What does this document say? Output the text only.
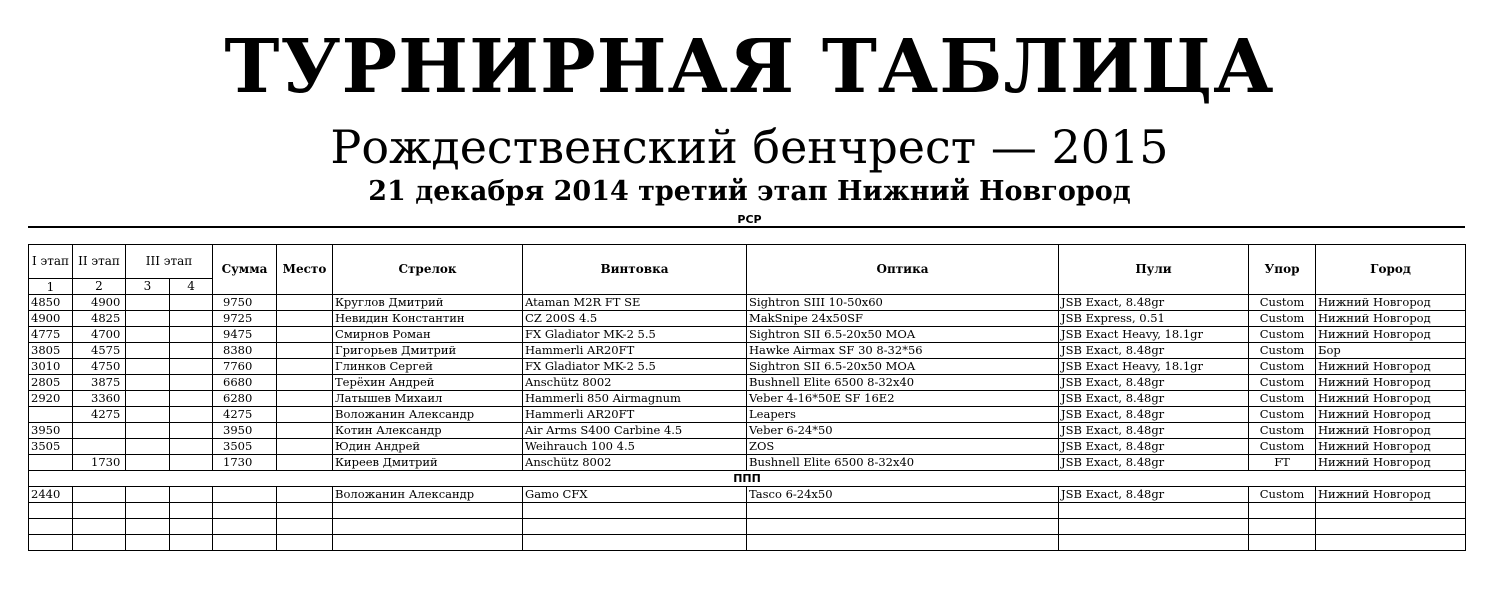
ТУРНИРНАЯ ТАБЛИЦА
Рождественский бенчрест — 2015
21 декабря 2014 третий этап Нижний Новгород
РСР
I этап	II этап	III этап		Сумма	Место	Стрелок	Винтовка	Оптика	Пули	Упор	Город
1	2	3	4								
4850	4900			9750		Круглов Дмитрий	Ataman M2R FT SE	Sightron SIII 10-50x60	JSB Exact, 8.48gr	Custom	Нижний Новгород
4900	4825			9725		Невидин Константин	CZ 200S 4.5	MakSnipe 24x50SF	JSB Express, 0.51	Custom	Нижний Новгород
4775	4700			9475		Смирнов Роман	FX Gladiator MK-2 5.5	Sightron SII 6.5-20x50 MOA	JSB Exact Heavy, 18.1gr	Custom	Нижний Новгород
3805	4575			8380		Григорьев Дмитрий	Hammerli AR20FT	Hawke Airmax SF 30 8-32*56	JSB Exact, 8.48gr	Custom	Бор
3010	4750			7760		Глинков Сергей	FX Gladiator MK-2 5.5	Sightron SII 6.5-20x50 MOA	JSB Exact Heavy, 18.1gr	Custom	Нижний Новгород
2805	3875			6680		Терёхин Андрей	Anschütz 8002	Bushnell Elite 6500 8-32x40	JSB Exact, 8.48gr	Custom	Нижний Новгород
2920	3360			6280		Латышев Михаил	Hammerli 850 Airmagnum	Veber 4-16*50E SF 16E2	JSB Exact, 8.48gr	Custom	Нижний Новгород
	4275			4275		Воложанин Александр	Hammerli AR20FT	Leapers	JSB Exact, 8.48gr	Custom	Нижний Новгород
3950				3950		Котин Александр	Air Arms S400 Carbine 4.5	Veber 6-24*50	JSB Exact, 8.48gr	Custom	Нижний Новгород
3505				3505		Юдин Андрей	Weihrauch 100 4.5	ZOS	JSB Exact, 8.48gr	Custom	Нижний Новгород
	1730			1730		Киреев Дмитрий	Anschütz 8002	Bushnell Elite 6500 8-32x40	JSB Exact, 8.48gr	FT	Нижний Новгород
ППП											
2440						Воложанин Александр	Gamo CFX	Tasco 6-24x50	JSB Exact, 8.48gr	Custom	Нижний Новгород
